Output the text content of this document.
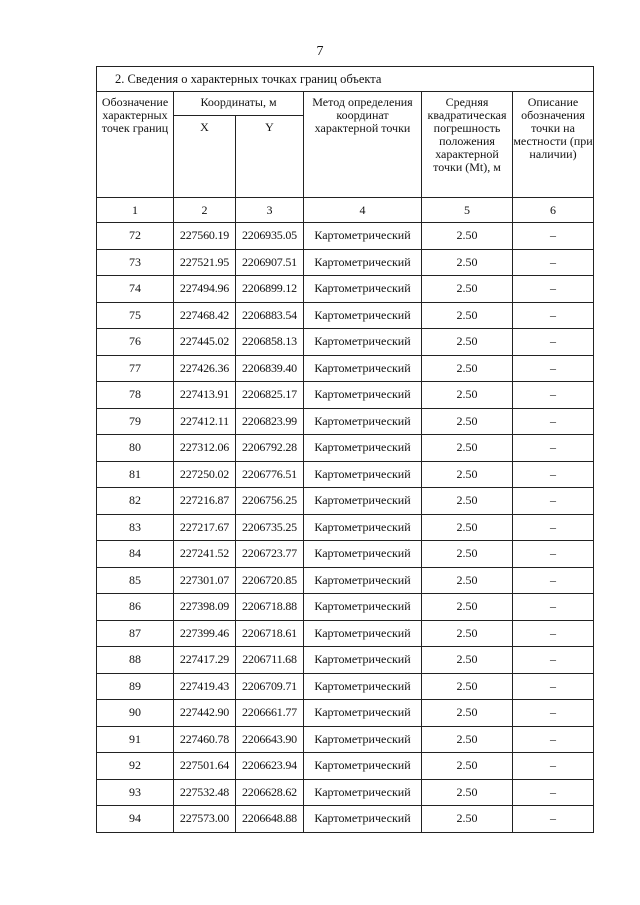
7
2. Сведения о характерных точках границ объекта					
Обозначение характерных точек границ	Координаты, м		Метод определения координат характерной точки	Средняя квадратическая погрешность положения характерной точки (Mt), м	Описание обозначения точки на местности (при наличии)
	X	Y			
1	2	3	4	5	6
72	227560.19	2206935.05	Картометрический	2.50	–
73	227521.95	2206907.51	Картометрический	2.50	–
74	227494.96	2206899.12	Картометрический	2.50	–
75	227468.42	2206883.54	Картометрический	2.50	–
76	227445.02	2206858.13	Картометрический	2.50	–
77	227426.36	2206839.40	Картометрический	2.50	–
78	227413.91	2206825.17	Картометрический	2.50	–
79	227412.11	2206823.99	Картометрический	2.50	–
80	227312.06	2206792.28	Картометрический	2.50	–
81	227250.02	2206776.51	Картометрический	2.50	–
82	227216.87	2206756.25	Картометрический	2.50	–
83	227217.67	2206735.25	Картометрический	2.50	–
84	227241.52	2206723.77	Картометрический	2.50	–
85	227301.07	2206720.85	Картометрический	2.50	–
86	227398.09	2206718.88	Картометрический	2.50	–
87	227399.46	2206718.61	Картометрический	2.50	–
88	227417.29	2206711.68	Картометрический	2.50	–
89	227419.43	2206709.71	Картометрический	2.50	–
90	227442.90	2206661.77	Картометрический	2.50	–
91	227460.78	2206643.90	Картометрический	2.50	–
92	227501.64	2206623.94	Картометрический	2.50	–
93	227532.48	2206628.62	Картометрический	2.50	–
94	227573.00	2206648.88	Картометрический	2.50	–
